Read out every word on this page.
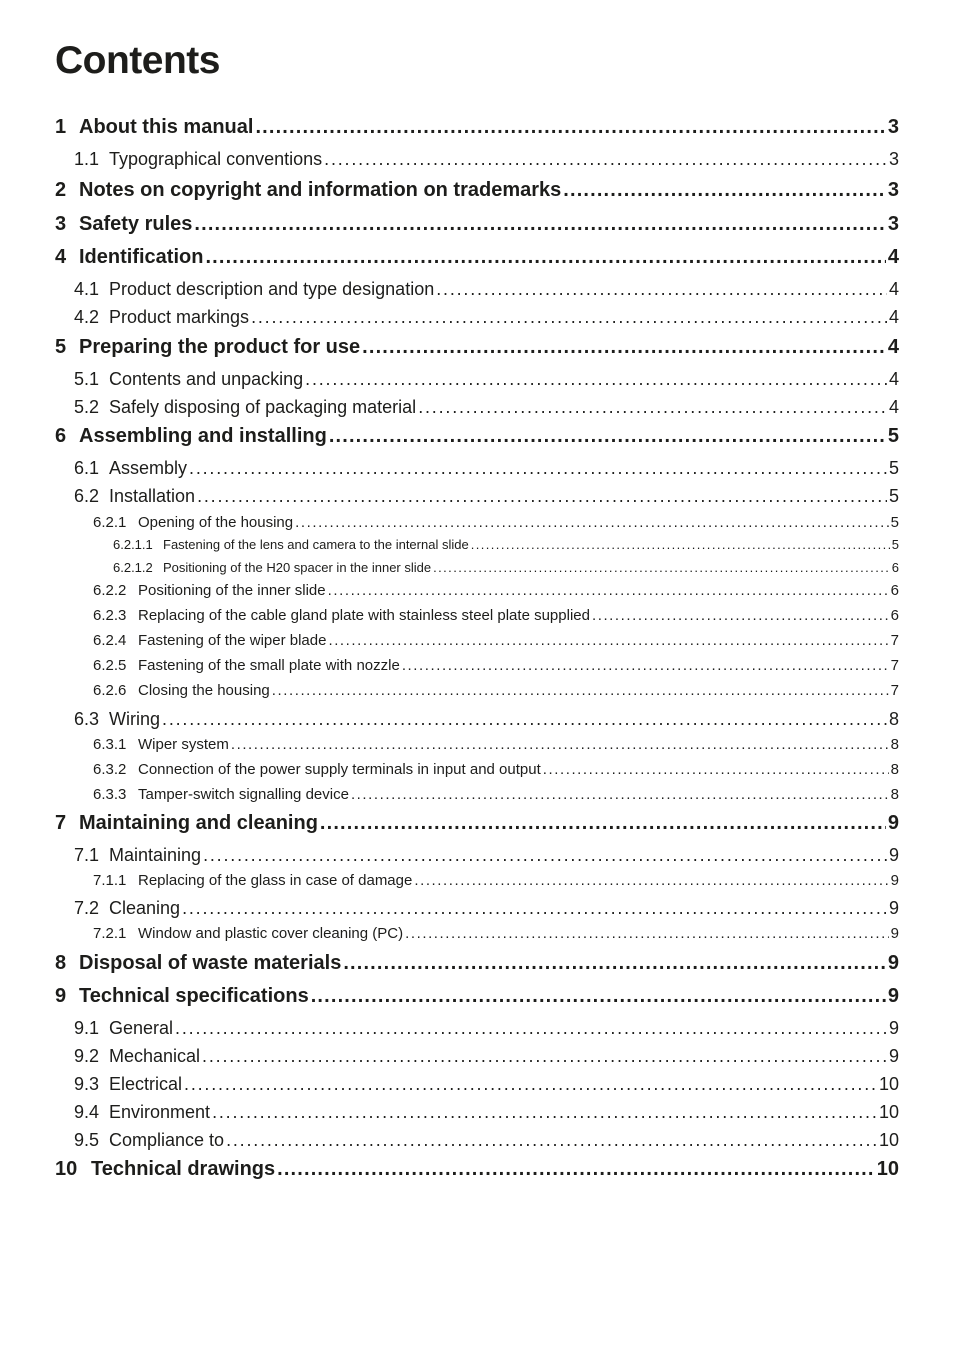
Contents
1 About this manual . . .	3
1.1 Typographical conventions . . .	3
2 Notes on copyright and information on trademarks . . .	3
3 Safety rules . . .	3
4 Identification . . .	4
4.1 Product description and type designation . . .	4
4.2 Product markings . . .	4
5 Preparing the product for use . . .	4
5.1 Contents and unpacking . . .	4
5.2 Safely disposing of packaging material . . .	4
6 Assembling and installing . . .	5
6.1 Assembly . . .	5
6.2 Installation . . .	5
6.2.1 Opening of the housing . . .	5
6.2.1.1 Fastening of the lens and camera to the internal slide . . .	5
6.2.1.2 Positioning of the H20 spacer in the inner slide . . .	6
6.2.2 Positioning of the inner slide . . .	6
6.2.3 Replacing of the cable gland plate with stainless steel plate supplied . . .	6
6.2.4 Fastening of the wiper blade . . .	7
6.2.5 Fastening of the small plate with nozzle . . .	7
6.2.6 Closing the housing . . .	7
6.3 Wiring . . .	8
6.3.1 Wiper system . . .	8
6.3.2 Connection of the power supply terminals in input and output . . .	8
6.3.3 Tamper-switch signalling device . . .	8
7 Maintaining and cleaning . . .	9
7.1 Maintaining . . .	9
7.1.1 Replacing of the glass in case of damage . . .	9
7.2 Cleaning . . .	9
7.2.1 Window and plastic cover cleaning (PC) . . .	9
8 Disposal of waste materials . . .	9
9 Technical specifications . . .	9
9.1 General . . .	9
9.2 Mechanical . . .	9
9.3 Electrical . . .	10
9.4 Environment . . .	10
9.5 Compliance to . . .	10
10 Technical drawings . . .	10
